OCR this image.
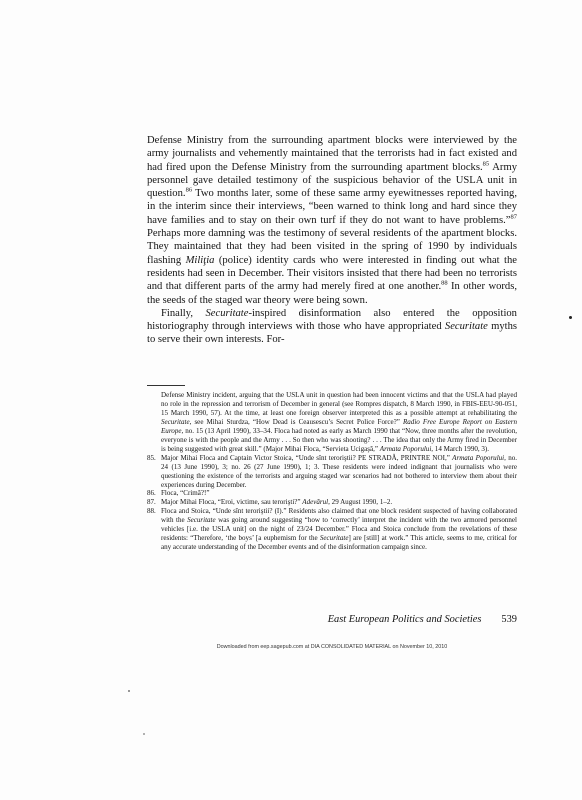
Defense Ministry from the surrounding apartment blocks were interviewed by the army journalists and vehemently maintained that the terrorists had in fact existed and had fired upon the Defense Ministry from the surrounding apartment blocks.$^{85}$ Army personnel gave detailed testimony of the suspicious behavior of the USLA unit in question.$^{86}$ Two months later, some of these same army eyewitnesses reported having, in the interim since their interviews, “been warned to think long and hard since they have families and to stay on their own turf if they do not want to have problems.”$^{87}$ Perhaps more damning was the testimony of several residents of the apartment blocks. They maintained that they had been visited in the spring of 1990 by individuals flashing Miliţia (police) identity cards who were interested in finding out what the residents had seen in December. Their visitors insisted that there had been no terrorists and that different parts of the army had merely fired at one another.$^{88}$ In other words, the seeds of the staged war theory were being sown.

Finally, Securitate-inspired disinformation also entered the opposition historiography through interviews with those who have appropriated Securitate myths to serve their own interests. For-

Defense Ministry incident, arguing that the USLA unit in question had been innocent victims and that the USLA had played no role in the repression and terrorism of December in general (see Rompres dispatch, 8 March 1990, in FBIS-EEU-90-051, 15 March 1990, 57). At the time, at least one foreign observer interpreted this as a possible attempt at rehabilitating the Securitate, see Mihai Sturdza, “How Dead is Ceausescu’s Secret Police Force?” Radio Free Europe Report on Eastern Europe, no. 15 (13 April 1990), 33–34. Floca had noted as early as March 1990 that “Now, three months after the revolution, everyone is with the people and the Army . . . So then who was shooting? . . . The idea that only the Army fired in December is being suggested with great skill.” (Major Mihai Floca, “Servieta Ucigaşă,” Armata Poporului, 14 March 1990, 3).

85. Major Mihai Floca and Captain Victor Stoica, “Unde sînt teroriştii? PE STRADĂ, PRINTRE NOI,” Armata Poporului, no. 24 (13 June 1990), 3; no. 26 (27 June 1990), 1; 3. These residents were indeed indignant that journalists who were questioning the existence of the terrorists and arguing staged war scenarios had not bothered to interview them about their experiences during December.

86. Floca, “Crimă?!”

87. Major Mihai Floca, “Eroi, victime, sau terorişti?” Adevărul, 29 August 1990, 1–2.

88. Floca and Stoica, “Unde sînt teroriştii? (I).” Residents also claimed that one block resident suspected of having collaborated with the Securitate was going around suggesting “how to ‘correctly’ interpret the incident with the two armored personnel vehicles [i.e. the USLA unit] on the night of 23/24 December.” Floca and Stoica conclude from the revelations of these residents: “Therefore, ‘the boys’ [a euphemism for the Securitate] are [still] at work.” This article, seems to me, critical for any accurate understanding of the December events and of the disinformation campaign since.

East European Politics and Societies 539
Downloaded from eep.sagepub.com at DIA CONSOLIDATED MATERIAL on November 10, 2010
